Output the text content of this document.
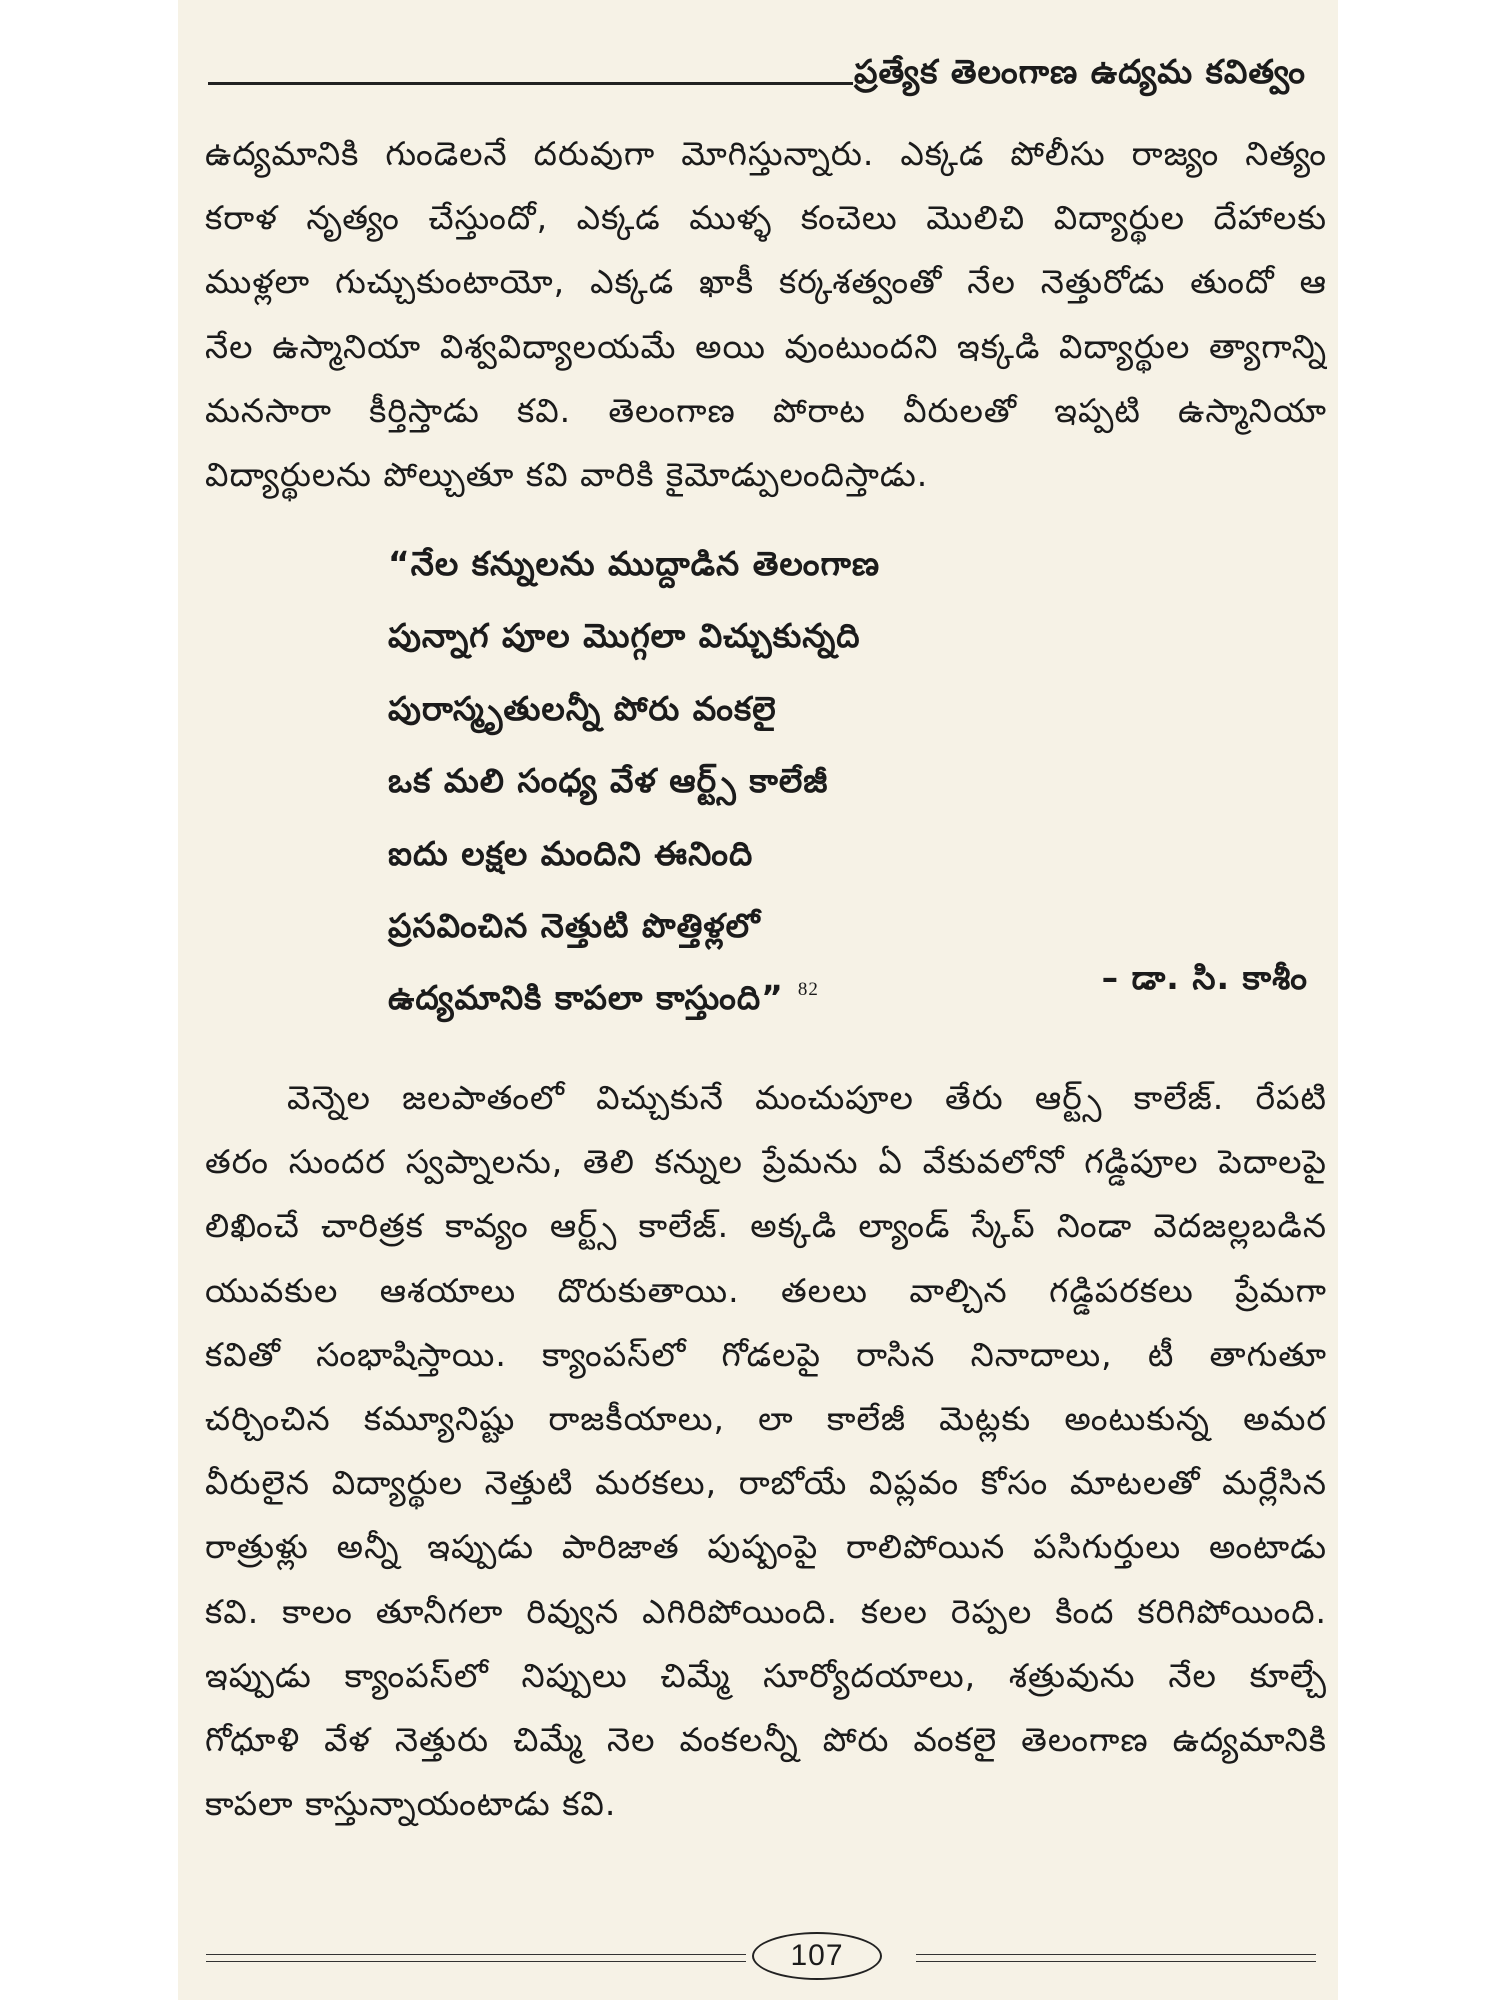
ప్రత్యేక తెలంగాణ ఉద్యమ కవిత్వం
ఉద్యమానికి గుండెలనే దరువుగా మోగిస్తున్నారు. ఎక్కడ పోలీసు రాజ్యం నిత్యం
కరాళ నృత్యం చేస్తుందో, ఎక్కడ ముళ్ళ కంచెలు మొలిచి విద్యార్థుల దేహాలకు
ముళ్లలా గుచ్చుకుంటాయో, ఎక్కడ ఖాకీ కర్కశత్వంతో నేల నెత్తురోడు తుందో ఆ
నేల ఉస్మానియా విశ్వవిద్యాలయమే అయి వుంటుందని ఇక్కడి విద్యార్థుల త్యాగాన్ని
మనసారా కీర్తిస్తాడు కవి. తెలంగాణ పోరాట వీరులతో ఇప్పటి ఉస్మానియా
విద్యార్థులను పోల్చుతూ కవి వారికి కైమోడ్పులందిస్తాడు.
“నేల కన్నులను ముద్దాడిన తెలంగాణ
పున్నాగ పూల మొగ్గలా విచ్చుకున్నది
పురాస్మృతులన్నీ పోరు వంకలై
ఒక మలి సంధ్య వేళ ఆర్ట్స్ కాలేజీ
ఐదు లక్షల మందిని ఈనింది
ప్రసవించిన నెత్తుటి పొత్తిళ్లలో
ఉద్యమానికి కాపలా కాస్తుంది” $^{82}$	– డా. సి. కాశీం
వెన్నెల జలపాతంలో విచ్చుకునే మంచుపూల తేరు ఆర్ట్స్ కాలేజ్. రేపటి
తరం సుందర స్వప్నాలను, తెలి కన్నుల ప్రేమను ఏ వేకువలోనో గడ్డిపూల పెదాలపై
లిఖించే చారిత్రక కావ్యం ఆర్ట్స్ కాలేజ్. అక్కడి ల్యాండ్ స్కేప్ నిండా వెదజల్లబడిన
యువకుల ఆశయాలు దొరుకుతాయి. తలలు వాల్చిన గడ్డిపరకలు ప్రేమగా
కవితో సంభాషిస్తాయి. క్యాంపస్‌లో గోడలపై రాసిన నినాదాలు, టీ తాగుతూ
చర్చించిన కమ్యూనిష్టు రాజకీయాలు, లా కాలేజీ మెట్లకు అంటుకున్న అమర
వీరులైన విద్యార్థుల నెత్తుటి మరకలు, రాబోయే విప్లవం కోసం మాటలతో మర్లేసిన
రాత్రుళ్లు అన్నీ ఇప్పుడు పారిజాత పుష్పంపై రాలిపోయిన పసిగుర్తులు అంటాడు
కవి. కాలం తూనీగలా రివ్వున ఎగిరిపోయింది. కలల రెప్పల కింద కరిగిపోయింది.
ఇప్పుడు క్యాంపస్‌లో నిప్పులు చిమ్మే సూర్యోదయాలు, శత్రువును నేల కూల్చే
గోధూళి వేళ నెత్తురు చిమ్మే నెల వంకలన్నీ పోరు వంకలై తెలంగాణ ఉద్యమానికి
కాపలా కాస్తున్నాయంటాడు కవి.
107
